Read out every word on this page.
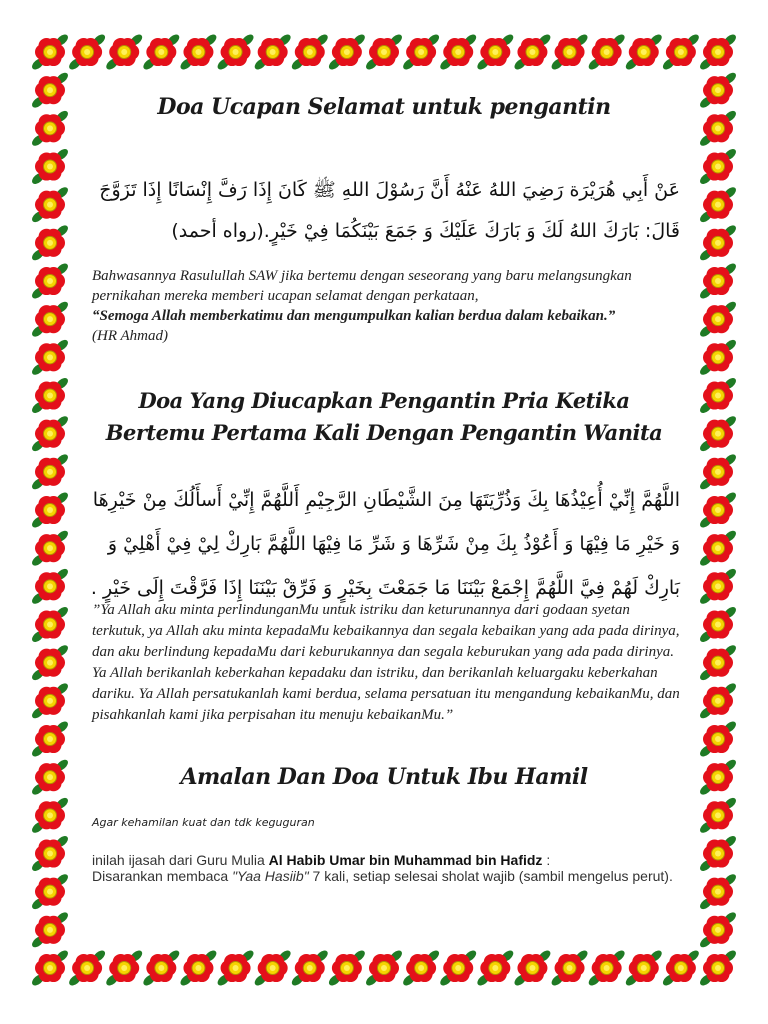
Doa Ucapan Selamat untuk pengantin

عَنْ أَبِي هُرَيْرَة رَضِيَ اللهُ عَنْهُ أَنَّ رَسُوْلَ اللهِ ﷺ كَانَ إِذَا رَفَّ إِنْسَانًا إِذَا تَزَوَّجَ قَالَ: بَارَكَ اللهُ لَكَ وَ بَارَكَ عَلَيْكَ وَ جَمَعَ بَيْنَكُمَا فِيْ خَيْرٍ.(رواه أحمد)

Bahwasannya Rasulullah SAW jika bertemu dengan seseorang yang baru melangsungkan pernikahan mereka memberi ucapan selamat dengan perkataan,
“Semoga Allah memberkatimu dan mengumpulkan kalian berdua dalam kebaikan.”
(HR Ahmad)

Doa Yang Diucapkan Pengantin Pria Ketika Bertemu Pertama Kali Dengan Pengantin Wanita

اللَّهُمَّ إِنِّيْ أُعِيْذُهَا بِكَ وَذُرِّيَتَهَا مِنَ الشَّيْطَانِ الرَّجِيْمِ أَللَّهُمَّ إِنِّيْ أَسأَلُكَ مِنْ خَيْرِهَا وَ خَيْرِ مَا فِيْهَا وَ أَعُوْذُ بِكَ مِنْ شَرِّهَا وَ شَرِّ مَا فِيْهَا اللَّهُمَّ بَارِكْ لِيْ فِيْ أَهْلِيْ وَ بَارِكْ لَهُمْ فِيَّ اللَّهُمَّ إِجْمَعْ بَيْنَنَا مَا جَمَعْتَ بِخَيْرٍ وَ فَرِّقْ بَيْنَنَا إِذَا فَرَّقْتَ إِلَى خَيْرٍ .

”Ya Allah aku minta perlindunganMu untuk istriku dan keturunannya dari godaan syetan terkutuk, ya Allah aku minta kepadaMu kebaikannya dan segala kebaikan yang ada pada dirinya, dan aku berlindung kepadaMu dari keburukannya dan segala keburukan yang ada pada dirinya. Ya Allah berikanlah keberkahan kepadaku dan istriku, dan berikanlah keluargaku keberkahan dariku. Ya Allah persatukanlah kami berdua, selama persatuan itu mengandung kebaikanMu, dan pisahkanlah kami jika perpisahan itu menuju kebaikanMu.”

Amalan Dan Doa Untuk Ibu Hamil
Agar kehamilan kuat dan tdk keguguran
inilah ijasah dari Guru Mulia Al Habib Umar bin Muhammad bin Hafidz :
Disarankan membaca "Yaa Hasiib" 7 kali, setiap selesai sholat wajib (sambil mengelus perut).
